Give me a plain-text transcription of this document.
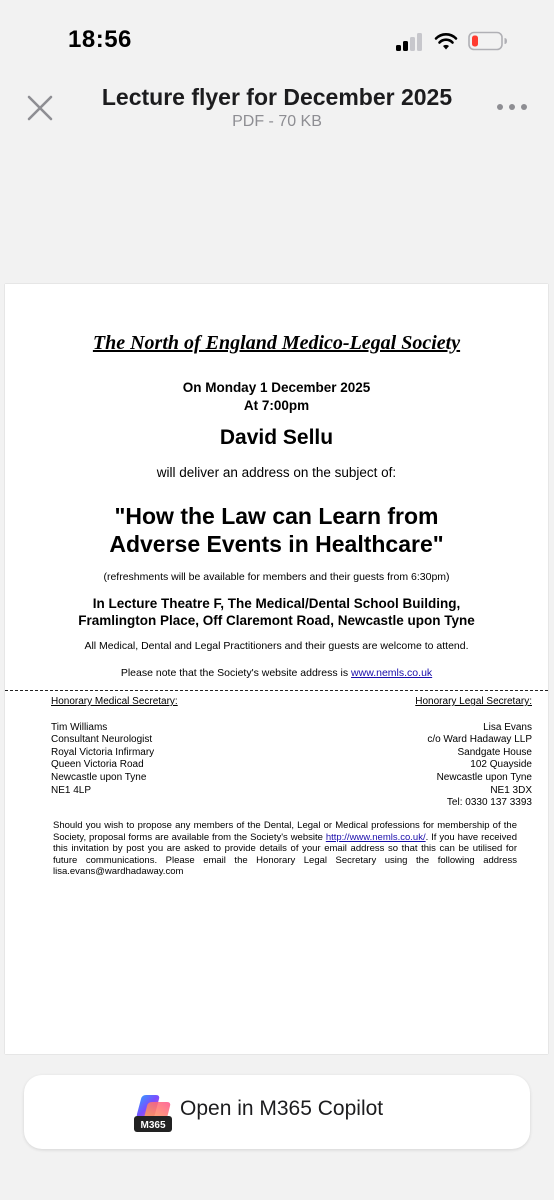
18:56
Lecture flyer for December 2025
PDF - 70 KB
The North of England Medico-Legal Society
On Monday 1 December 2025
At 7:00pm
David Sellu
will deliver an address on the subject of:
"How the Law can Learn from
Adverse Events in Healthcare"
(refreshments will be available for members and their guests from 6:30pm)
In Lecture Theatre F, The Medical/Dental School Building,
Framlington Place, Off Claremont Road, Newcastle upon Tyne
All Medical, Dental and Legal Practitioners and their guests are welcome to attend.
Please note that the Society's website address is www.nemls.co.uk
Honorary Medical Secretary:
Tim Williams
Consultant Neurologist
Royal Victoria Infirmary
Queen Victoria Road
Newcastle upon Tyne
NE1 4LP
Honorary Legal Secretary:
Lisa Evans
c/o Ward Hadaway LLP
Sandgate House
102 Quayside
Newcastle upon Tyne
NE1 3DX
Tel: 0330 137 3393
Should you wish to propose any members of the Dental, Legal or Medical professions for membership of the Society, proposal forms are available from the Society's website http://www.nemls.co.uk/. If you have received this invitation by post you are asked to provide details of your email address so that this can be utilised for future communications. Please email the Honorary Legal Secretary using the following address lisa.evans@wardhadaway.com
M365
Open in M365 Copilot
